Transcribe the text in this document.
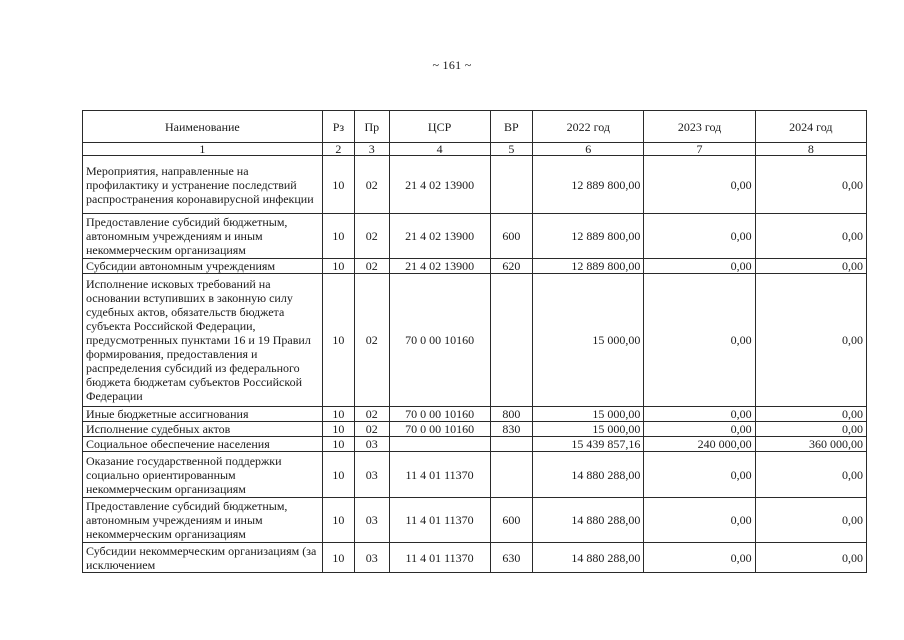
~ 161 ~
Наименование	Рз	Пр	ЦСР	ВР	2022 год	2023 год	2024 год
1	2	3	4	5	6	7	8
Мероприятия, направленные на профилактику и устранение последствий распространения коронавирусной инфекции	10	02	21 4 02 13900		12 889 800,00	0,00	0,00
Предоставление субсидий бюджетным, автономным учреждениям и иным некоммерческим организациям	10	02	21 4 02 13900	600	12 889 800,00	0,00	0,00
Субсидии автономным учреждениям	10	02	21 4 02 13900	620	12 889 800,00	0,00	0,00
Исполнение исковых требований на основании вступивших в законную силу судебных актов, обязательств бюджета субъекта Российской Федерации, предусмотренных пунктами 16 и 19 Правил формирования, предоставления и распределения субсидий из федерального бюджета бюджетам субъектов Российской Федерации	10	02	70 0 00 10160		15 000,00	0,00	0,00
Иные бюджетные ассигнования	10	02	70 0 00 10160	800	15 000,00	0,00	0,00
Исполнение судебных актов	10	02	70 0 00 10160	830	15 000,00	0,00	0,00
Социальное обеспечение населения	10	03			15 439 857,16	240 000,00	360 000,00
Оказание государственной поддержки социально ориентированным некоммерческим организациям	10	03	11 4 01 11370		14 880 288,00	0,00	0,00
Предоставление субсидий бюджетным, автономным учреждениям и иным некоммерческим организациям	10	03	11 4 01 11370	600	14 880 288,00	0,00	0,00
Субсидии некоммерческим организациям (за исключением	10	03	11 4 01 11370	630	14 880 288,00	0,00	0,00
